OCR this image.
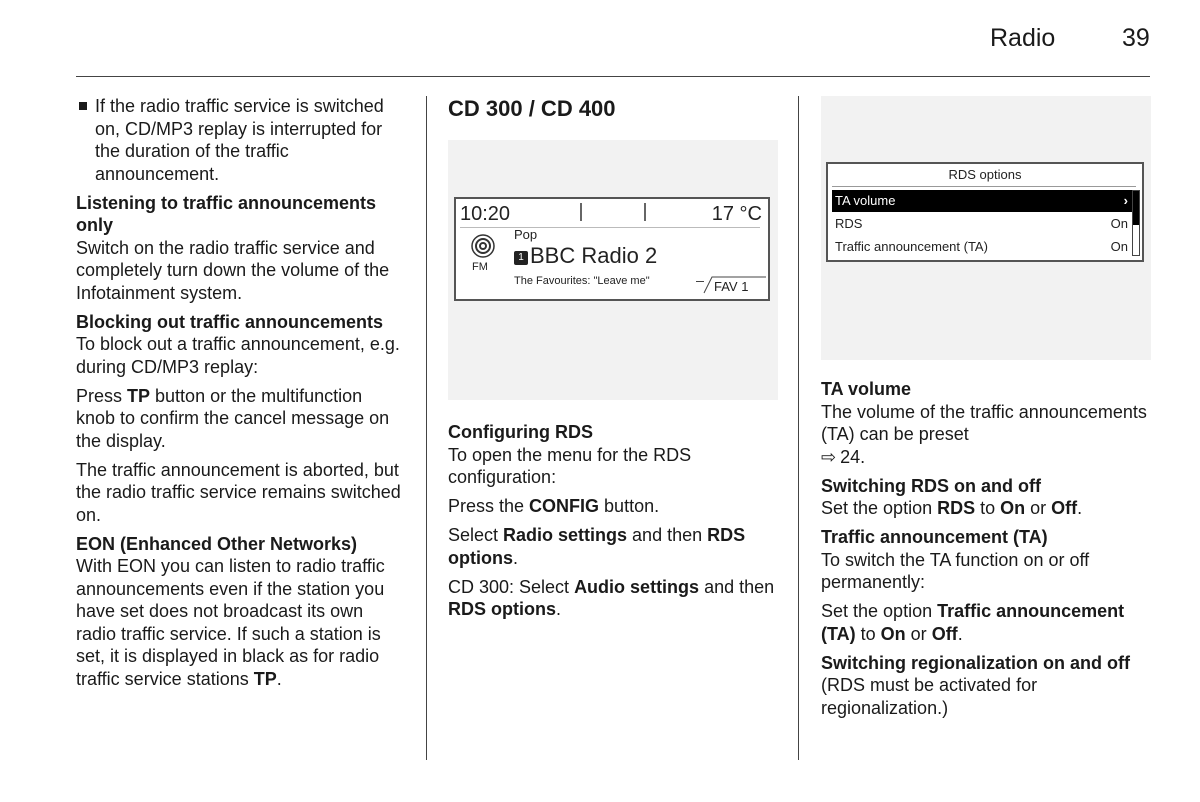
Radio	39

If the radio traffic service is switched on, CD/MP3 replay is interrupted for the duration of the traffic announcement.

Listening to traffic announcements only

Switch on the radio traffic service and completely turn down the volume of the Infotainment system.

Blocking out traffic announcements

To block out a traffic announcement, e.g. during CD/MP3 replay:

Press TP button or the multifunction knob to confirm the cancel message on the display.

The traffic announcement is aborted, but the radio traffic service remains switched on.

EON (Enhanced Other Networks)

With EON you can listen to radio traffic announcements even if the station you have set does not broadcast its own radio traffic service. If such a station is set, it is displayed in black as for radio traffic service stations TP.

CD 300 / CD 400
10:20	17 °C
FM
Pop
1 BBC Radio 2
The Favourites: "Leave me"	FAV 1

Configuring RDS

To open the menu for the RDS configuration:

Press the CONFIG button.

Select Radio settings and then RDS options.

CD 300: Select Audio settings and then RDS options.

RDS options
TA volume	›
RDS	On
Traffic announcement (TA)	On

TA volume

The volume of the traffic announcements (TA) can be preset
⇨ 24.

Switching RDS on and off

Set the option RDS to On or Off.

Traffic announcement (TA)

To switch the TA function on or off permanently:

Set the option Traffic announcement (TA) to On or Off.

Switching regionalization on and off

(RDS must be activated for regionalization.)
